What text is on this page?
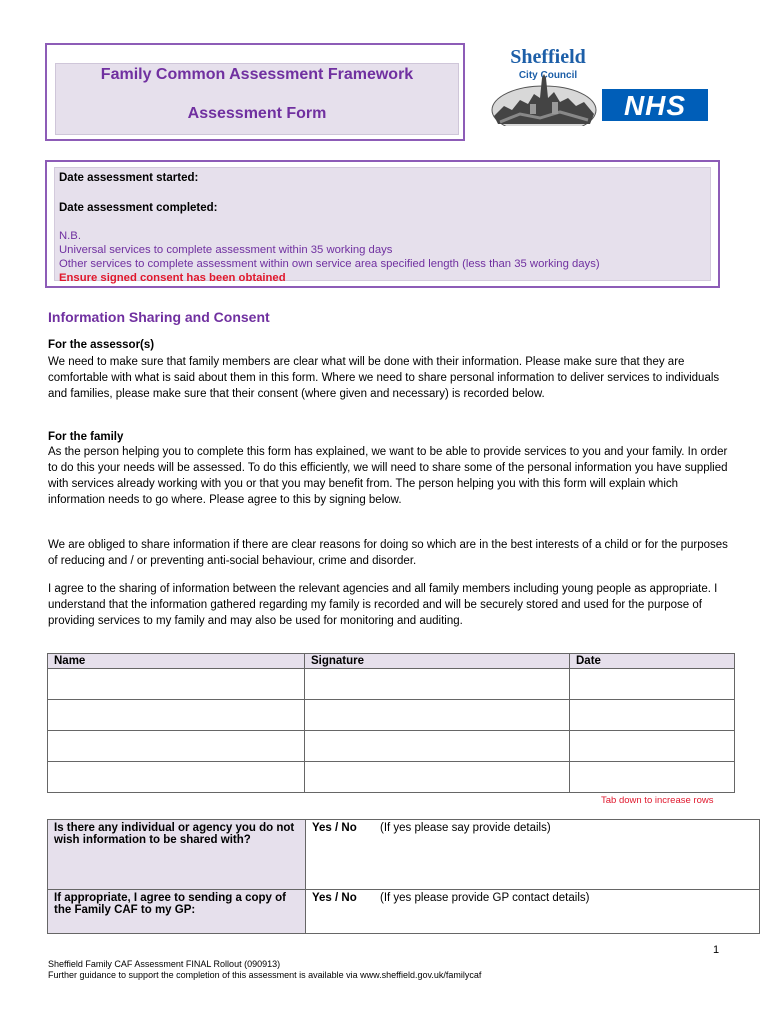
Family Common Assessment Framework
Assessment Form
Sheffield
City Council
NHS
Date assessment started:
Date assessment completed:
N.B.
Universal services to complete assessment within 35 working days
Other services to complete assessment within own service area specified length (less than 35 working days)
Ensure signed consent has been obtained
Information Sharing and Consent
For the assessor(s)
We need to make sure that family members are clear what will be done with their information. Please make sure that they are comfortable with what is said about them in this form. Where we need to share personal information to deliver services to individuals and families, please make sure that their consent (where given and necessary) is recorded below.
For the family
As the person helping you to complete this form has explained, we want to be able to provide services to you and your family. In order to do this your needs will be assessed. To do this efficiently, we will need to share some of the personal information you have supplied with services already working with you or that you may benefit from. The person helping you with this form will explain which information needs to go where. Please agree to this by signing below.
We are obliged to share information if there are clear reasons for doing so which are in the best interests of a child or for the purposes of reducing and / or preventing anti-social behaviour, crime and disorder.
I agree to the sharing of information between the relevant agencies and all family members including young people as appropriate. I understand that the information gathered regarding my family is recorded and will be securely stored and used for the purpose of providing services to my family and may also be used for monitoring and auditing.
Name	Signature	Date

Tab down to increase rows
Is there any individual or agency you do not wish information to be shared with?	Yes / No (If yes please say provide details)
If appropriate, I agree to sending a copy of the Family CAF to my GP:	Yes / No (If yes please provide GP contact details)
1
Sheffield Family CAF Assessment FINAL Rollout (090913)
Further guidance to support the completion of this assessment is available via www.sheffield.gov.uk/familycaf
